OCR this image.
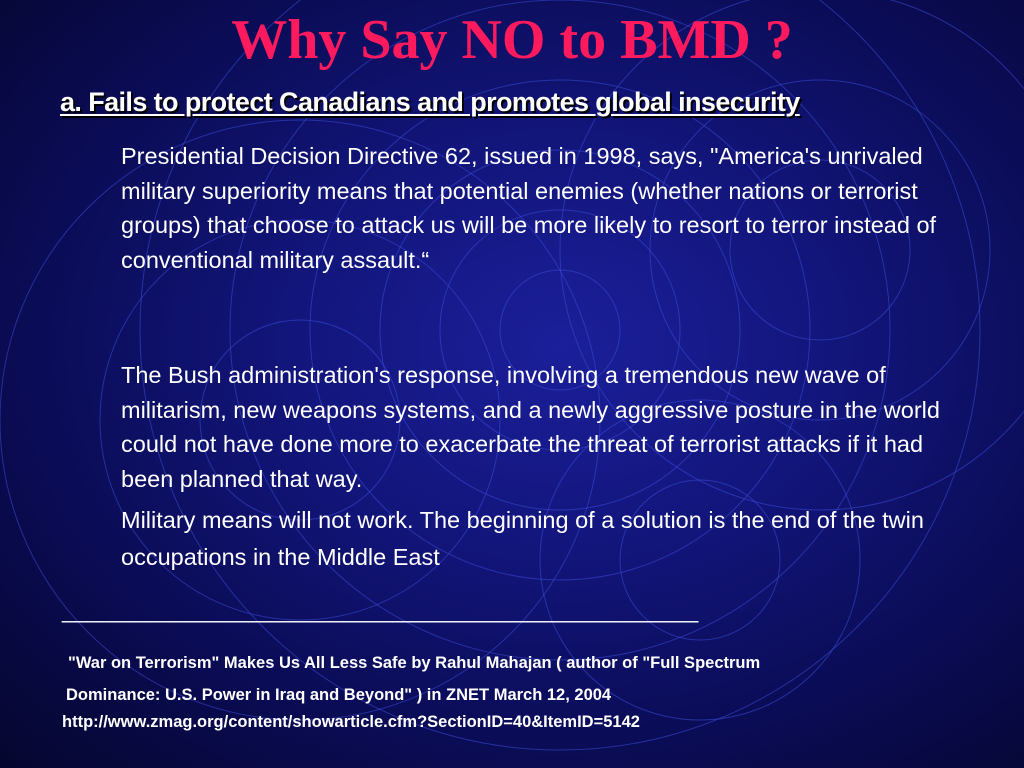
Why Say NO to BMD ?
a. Fails to protect Canadians and promotes global insecurity

Presidential Decision Directive 62, issued in 1998, says, "America's unrivaled military superiority means that potential enemies (whether nations or terrorist groups) that choose to attack us will be more likely to resort to terror instead of conventional military assault.“

The Bush administration's response, involving a tremendous new wave of militarism, new weapons systems, and a newly aggressive posture in the world could not have done more to exacerbate the threat of terrorist attacks if it had been planned that way.

Military means will not work. The beginning of a solution is the end of the twin occupations in the Middle East

____________________________________________________

"War on Terrorism" Makes Us All Less Safe by Rahul Mahajan ( author of "Full Spectrum

Dominance: U.S. Power in Iraq and Beyond" ) in ZNET March 12, 2004

http://www.zmag.org/content/showarticle.cfm?SectionID=40&ItemID=5142
